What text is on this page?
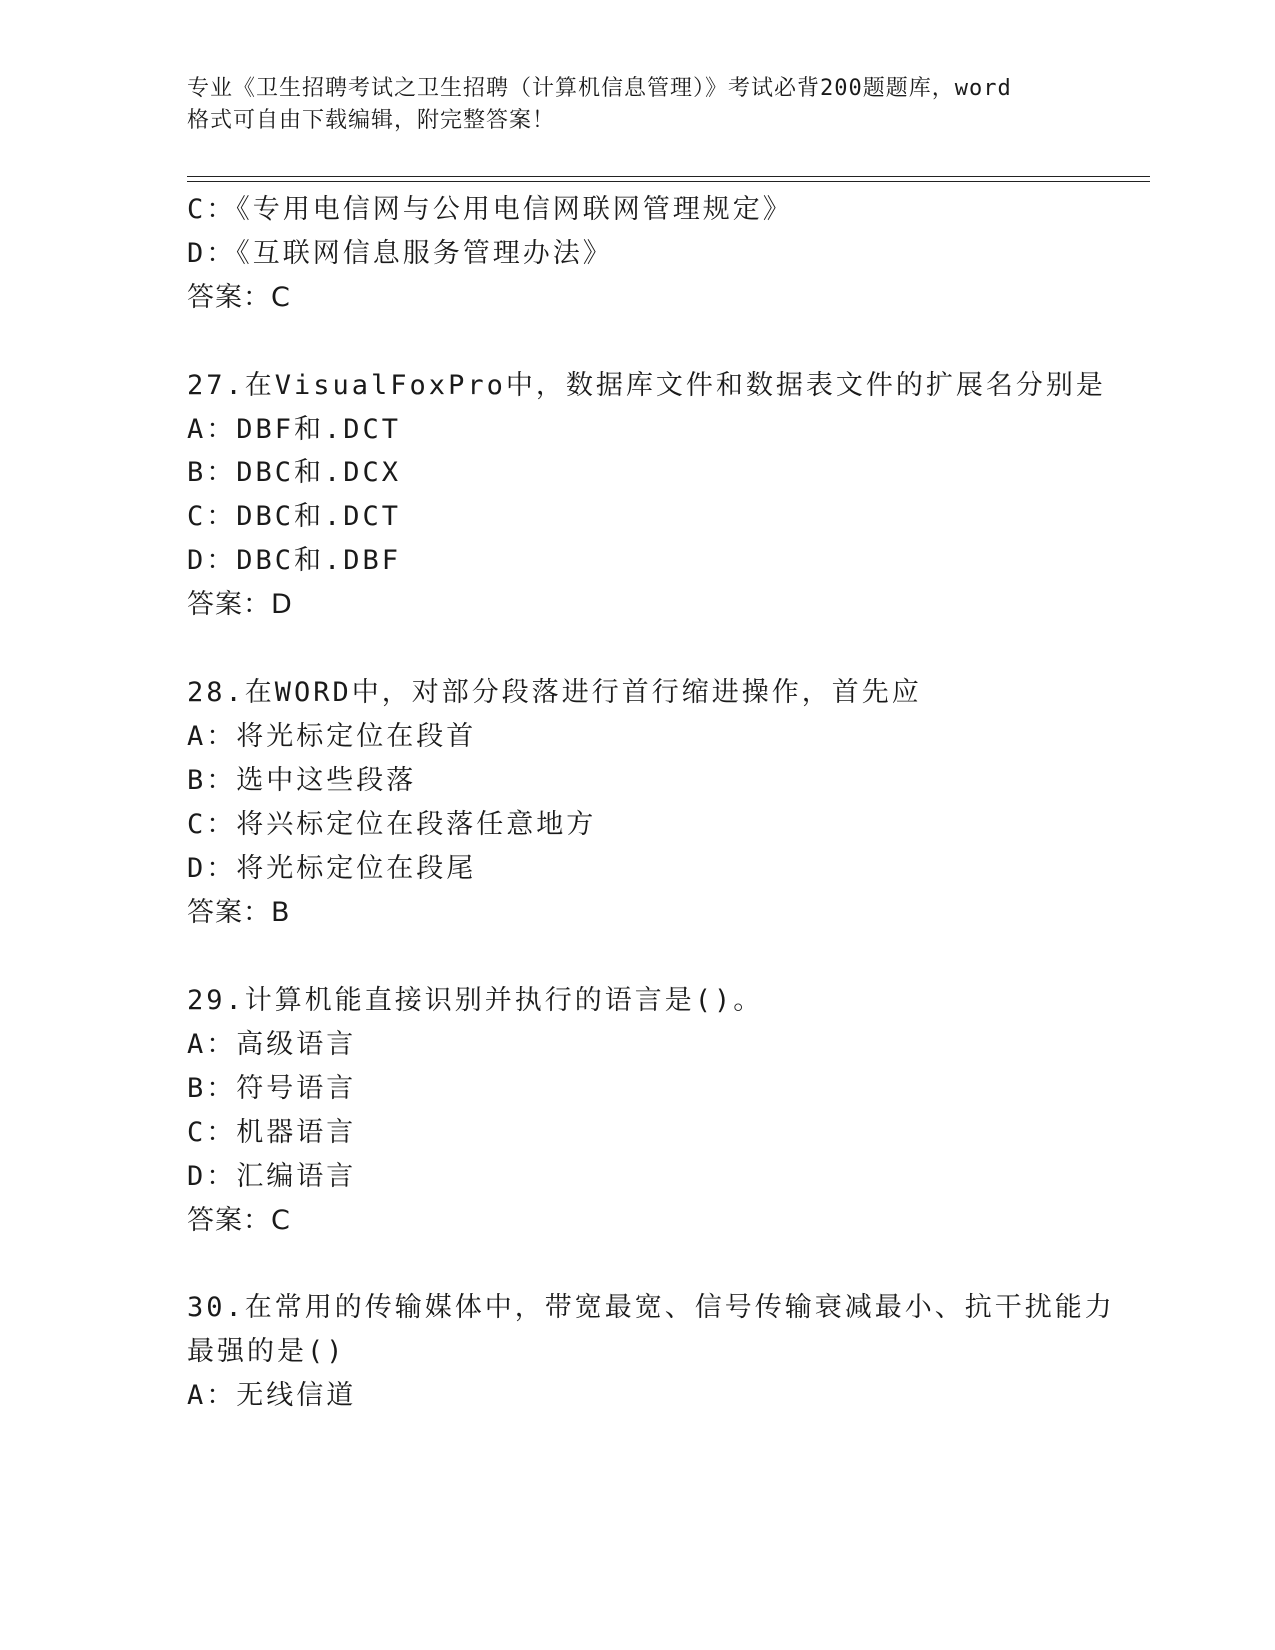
专业《卫生招聘考试之卫生招聘（计算机信息管理）》考试必背200题题库，word
格式可自由下载编辑，附完整答案！
C：《专用电信网与公用电信网联网管理规定》
D：《互联网信息服务管理办法》
答案：C
27.在VisualFoxPro中，数据库文件和数据表文件的扩展名分别是
A：DBF和.DCT
B：DBC和.DCX
C：DBC和.DCT
D：DBC和.DBF
答案：D
28.在WORD中，对部分段落进行首行缩进操作，首先应
A：将光标定位在段首
B：选中这些段落
C：将兴标定位在段落任意地方
D：将光标定位在段尾
答案：B
29.计算机能直接识别并执行的语言是()。
A：高级语言
B：符号语言
C：机器语言
D：汇编语言
答案：C
30.在常用的传输媒体中，带宽最宽、信号传输衰减最小、抗干扰能力
最强的是()
A：无线信道
